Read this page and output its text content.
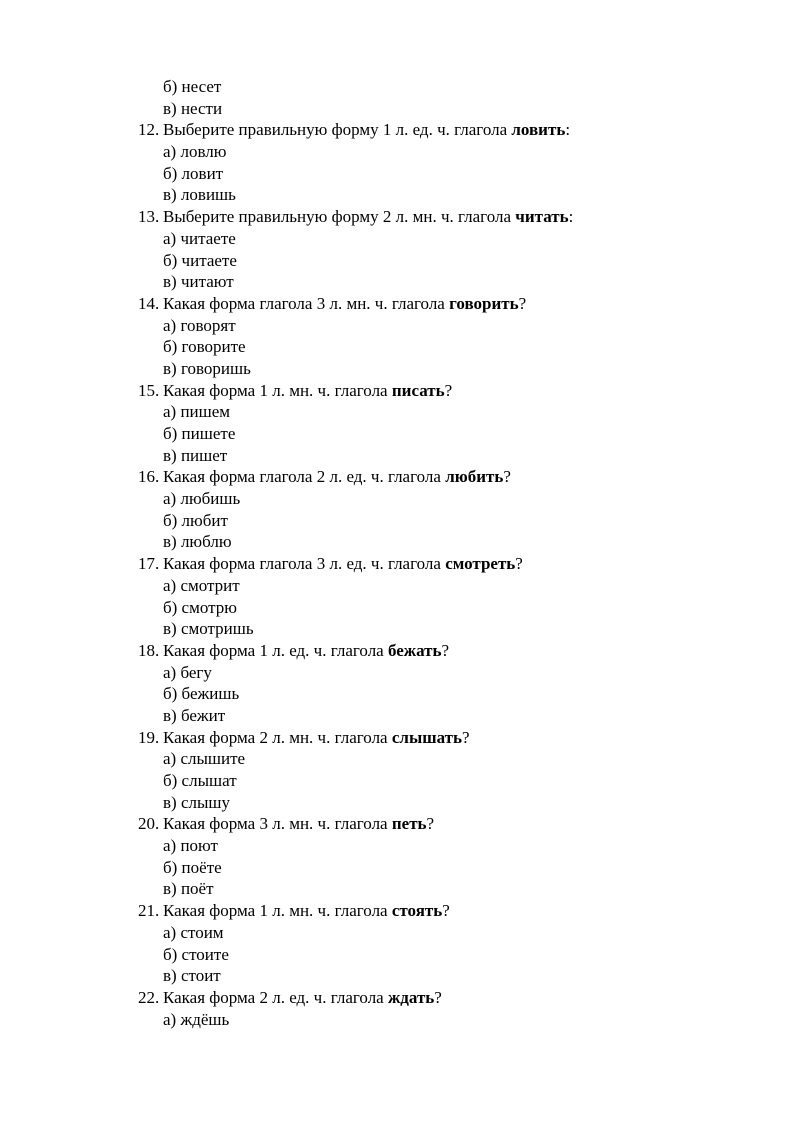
б) несет
в) нести
12. Выберите правильную форму 1 л. ед. ч. глагола ловить:
а) ловлю
б) ловит
в) ловишь
13. Выберите правильную форму 2 л. мн. ч. глагола читать:
а) читаете
б) читаете
в) читают
14. Какая форма глагола 3 л. мн. ч. глагола говорить?
а) говорят
б) говорите
в) говоришь
15. Какая форма 1 л. мн. ч. глагола писать?
а) пишем
б) пишете
в) пишет
16. Какая форма глагола 2 л. ед. ч. глагола любить?
а) любишь
б) любит
в) люблю
17. Какая форма глагола 3 л. ед. ч. глагола смотреть?
а) смотрит
б) смотрю
в) смотришь
18. Какая форма 1 л. ед. ч. глагола бежать?
а) бегу
б) бежишь
в) бежит
19. Какая форма 2 л. мн. ч. глагола слышать?
а) слышите
б) слышат
в) слышу
20. Какая форма 3 л. мн. ч. глагола петь?
а) поют
б) поёте
в) поёт
21. Какая форма 1 л. мн. ч. глагола стоять?
а) стоим
б) стоите
в) стоит
22. Какая форма 2 л. ед. ч. глагола ждать?
а) ждёшь
